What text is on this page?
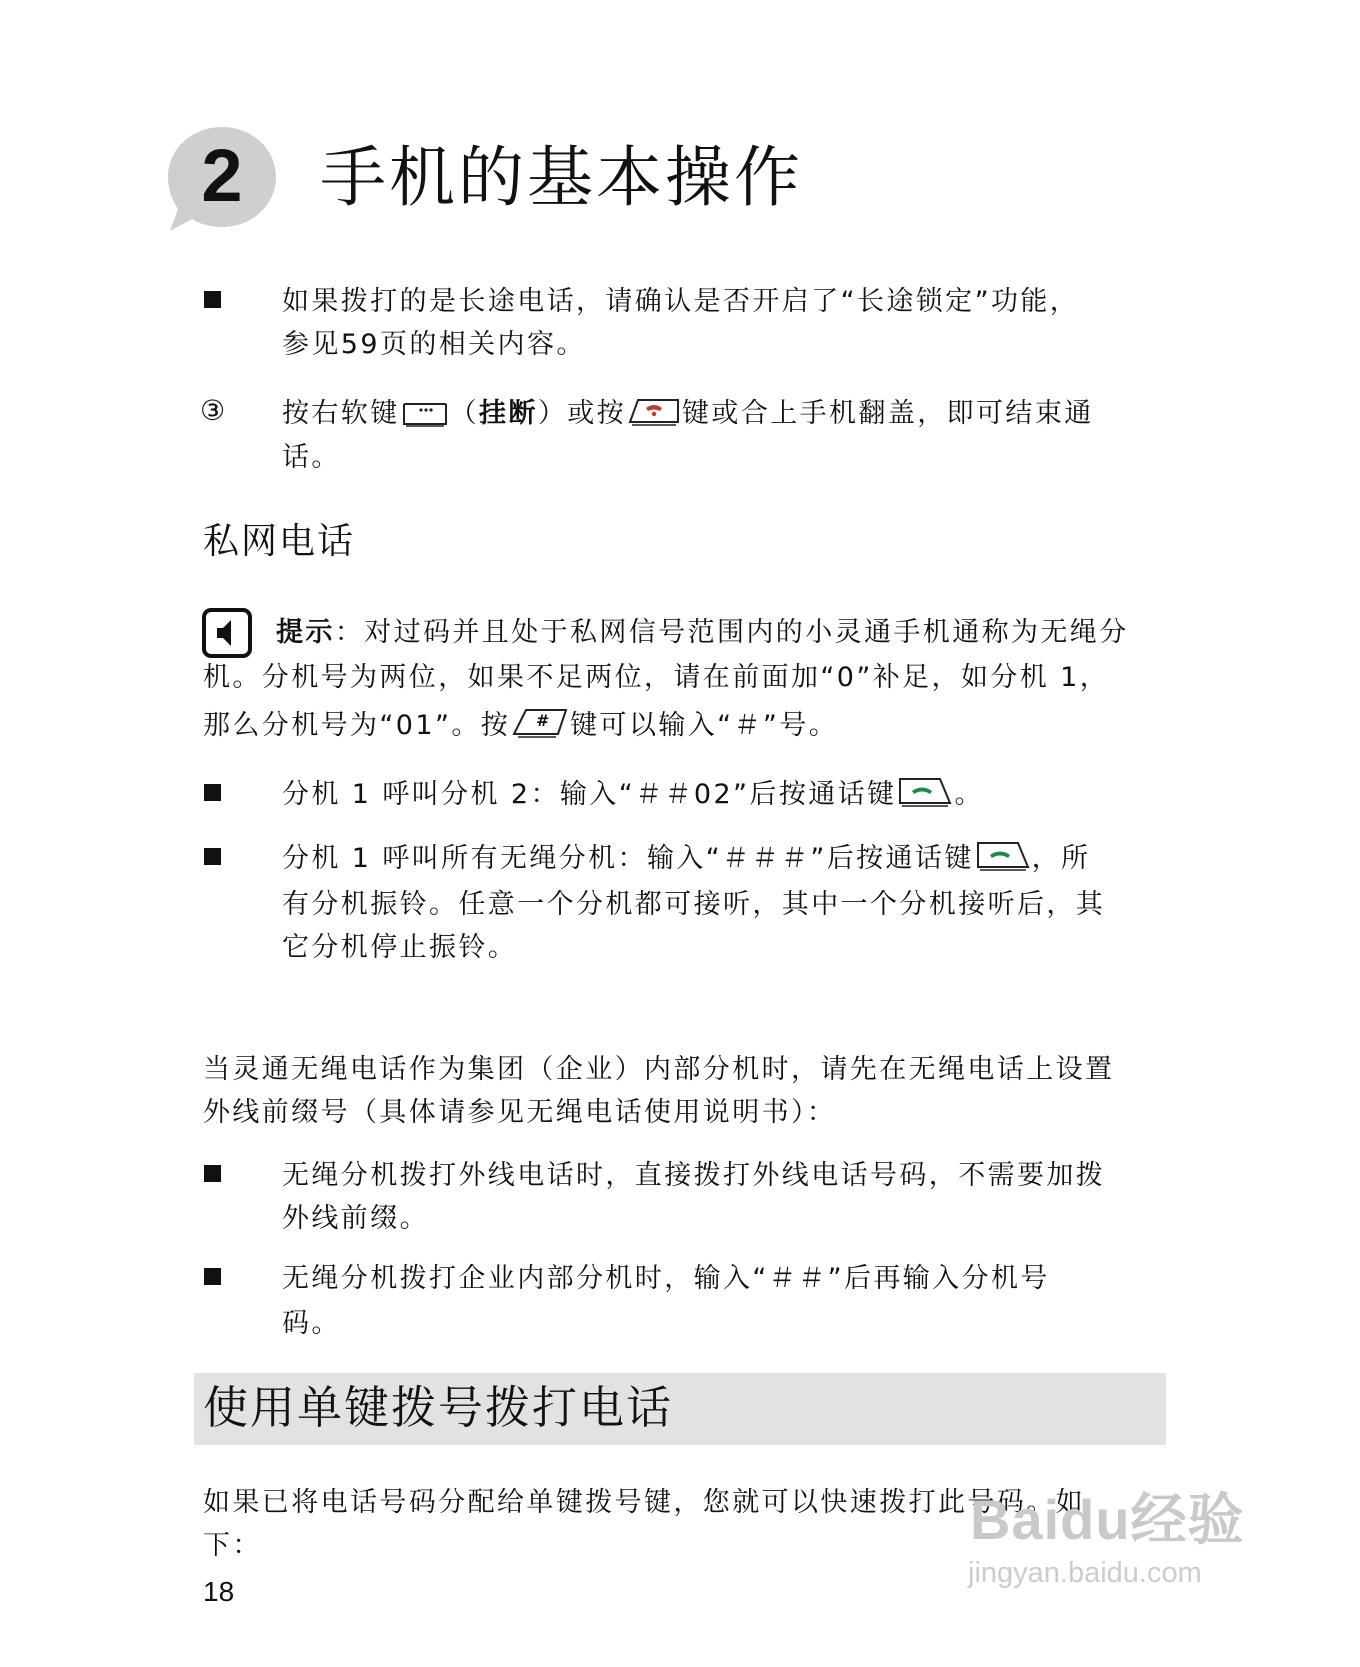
2 手机的基本操作
如果拨打的是长途电话，请确认是否开启了“长途锁定”功能，
参见59页的相关内容。
③ 按右软键 （挂断）或按 键或合上手机翻盖，即可结束通
话。
私网电话
提示：对过码并且处于私网信号范围内的小灵通手机通称为无绳分
机。分机号为两位，如果不足两位，请在前面加“0”补足，如分机 1，
那么分机号为“01”。按 # 键可以输入“＃”号。
分机 1 呼叫分机 2：输入“＃＃02”后按通话键 。
分机 1 呼叫所有无绳分机：输入“＃＃＃”后按通话键 ，所
有分机振铃。任意一个分机都可接听，其中一个分机接听后，其
它分机停止振铃。
当灵通无绳电话作为集团（企业）内部分机时，请先在无绳电话上设置
外线前缀号（具体请参见无绳电话使用说明书）：
无绳分机拨打外线电话时，直接拨打外线电话号码，不需要加拨
外线前缀。
无绳分机拨打企业内部分机时，输入“＃＃”后再输入分机号
码。
使用单键拨号拨打电话
如果已将电话号码分配给单键拨号键，您就可以快速拨打此号码。如
下：
18
Baidu经验
jingyan.baidu.com
